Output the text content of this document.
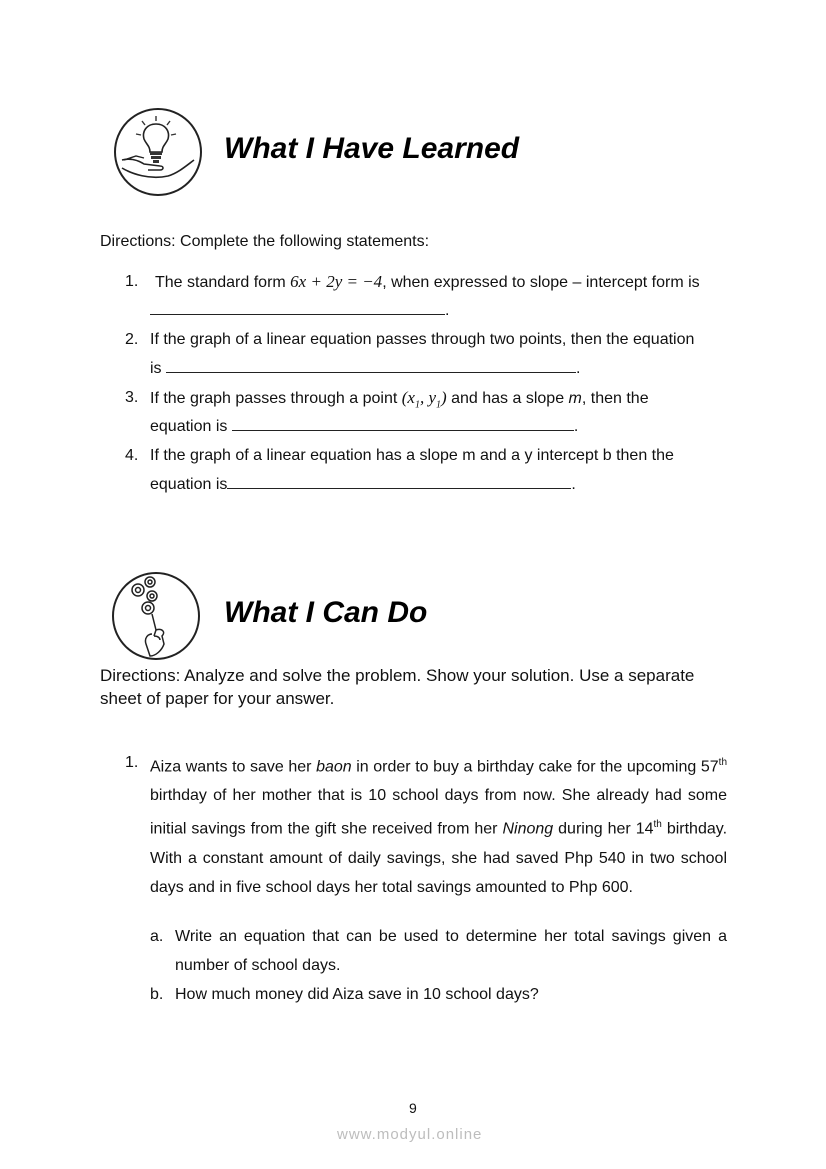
What I Have Learned
Directions: Complete the following statements:
1. The standard form 6x + 2y = −4, when expressed to slope – intercept form is
.
2. If the graph of a linear equation passes through two points, then the equation
is	.
3. If the graph passes through a point ($x_1$, $y_1$) and has a slope m, then the
equation is	.
4. If the graph of a linear equation has a slope m and a y intercept b then the
equation is	.
What I Can Do
Directions: Analyze and solve the problem. Show your solution. Use a separate sheet of paper for your answer.
1. Aiza wants to save her baon in order to buy a birthday cake for the upcoming 57th birthday of her mother that is 10 school days from now. She already had some initial savings from the gift she received from her Ninong during her 14th birthday. With a constant amount of daily savings, she had saved Php 540 in two school days and in five school days her total savings amounted to Php 600.
a. Write an equation that can be used to determine her total savings given a number of school days.
b. How much money did Aiza save in 10 school days?
9
www.modyul.online
